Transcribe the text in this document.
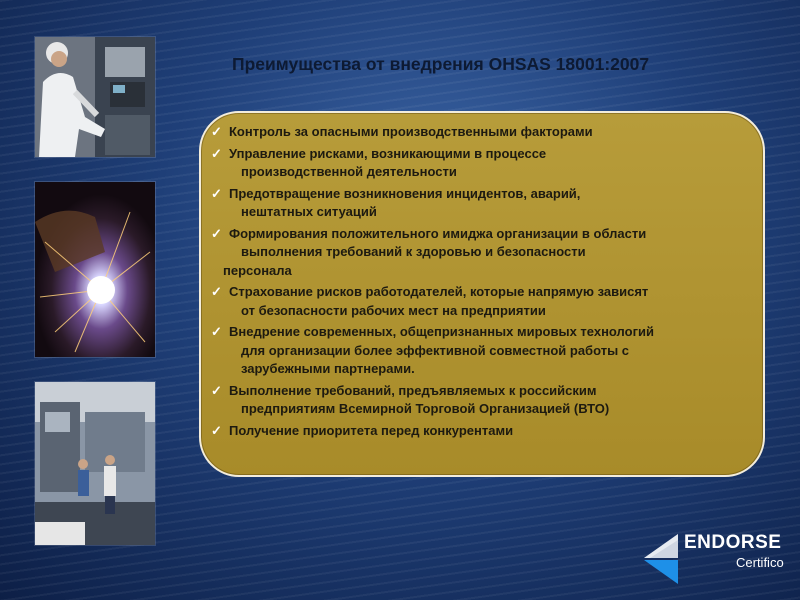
Преимущества от внедрения OHSAS 18001:2007
✓ Контроль за опасными производственными факторами
✓ Управление рисками, возникающими в процессе
производственной деятельности
✓ Предотвращение возникновения инцидентов, аварий,
нештатных ситуаций
✓ Формирования положительного имиджа организации в области
выполнения требований к здоровью и безопасности
персонала
✓ Страхование рисков работодателей, которые напрямую зависят
от безопасности рабочих мест на предприятии
✓ Внедрение современных, общепризнанных мировых технологий
для организации более эффективной совместной работы с
зарубежными партнерами.
✓ Выполнение требований, предъявляемых к российским
предприятиям Всемирной Торговой Организацией (ВТО)
✓ Получение приоритета перед конкурентами
ENDORSE
Certifico
